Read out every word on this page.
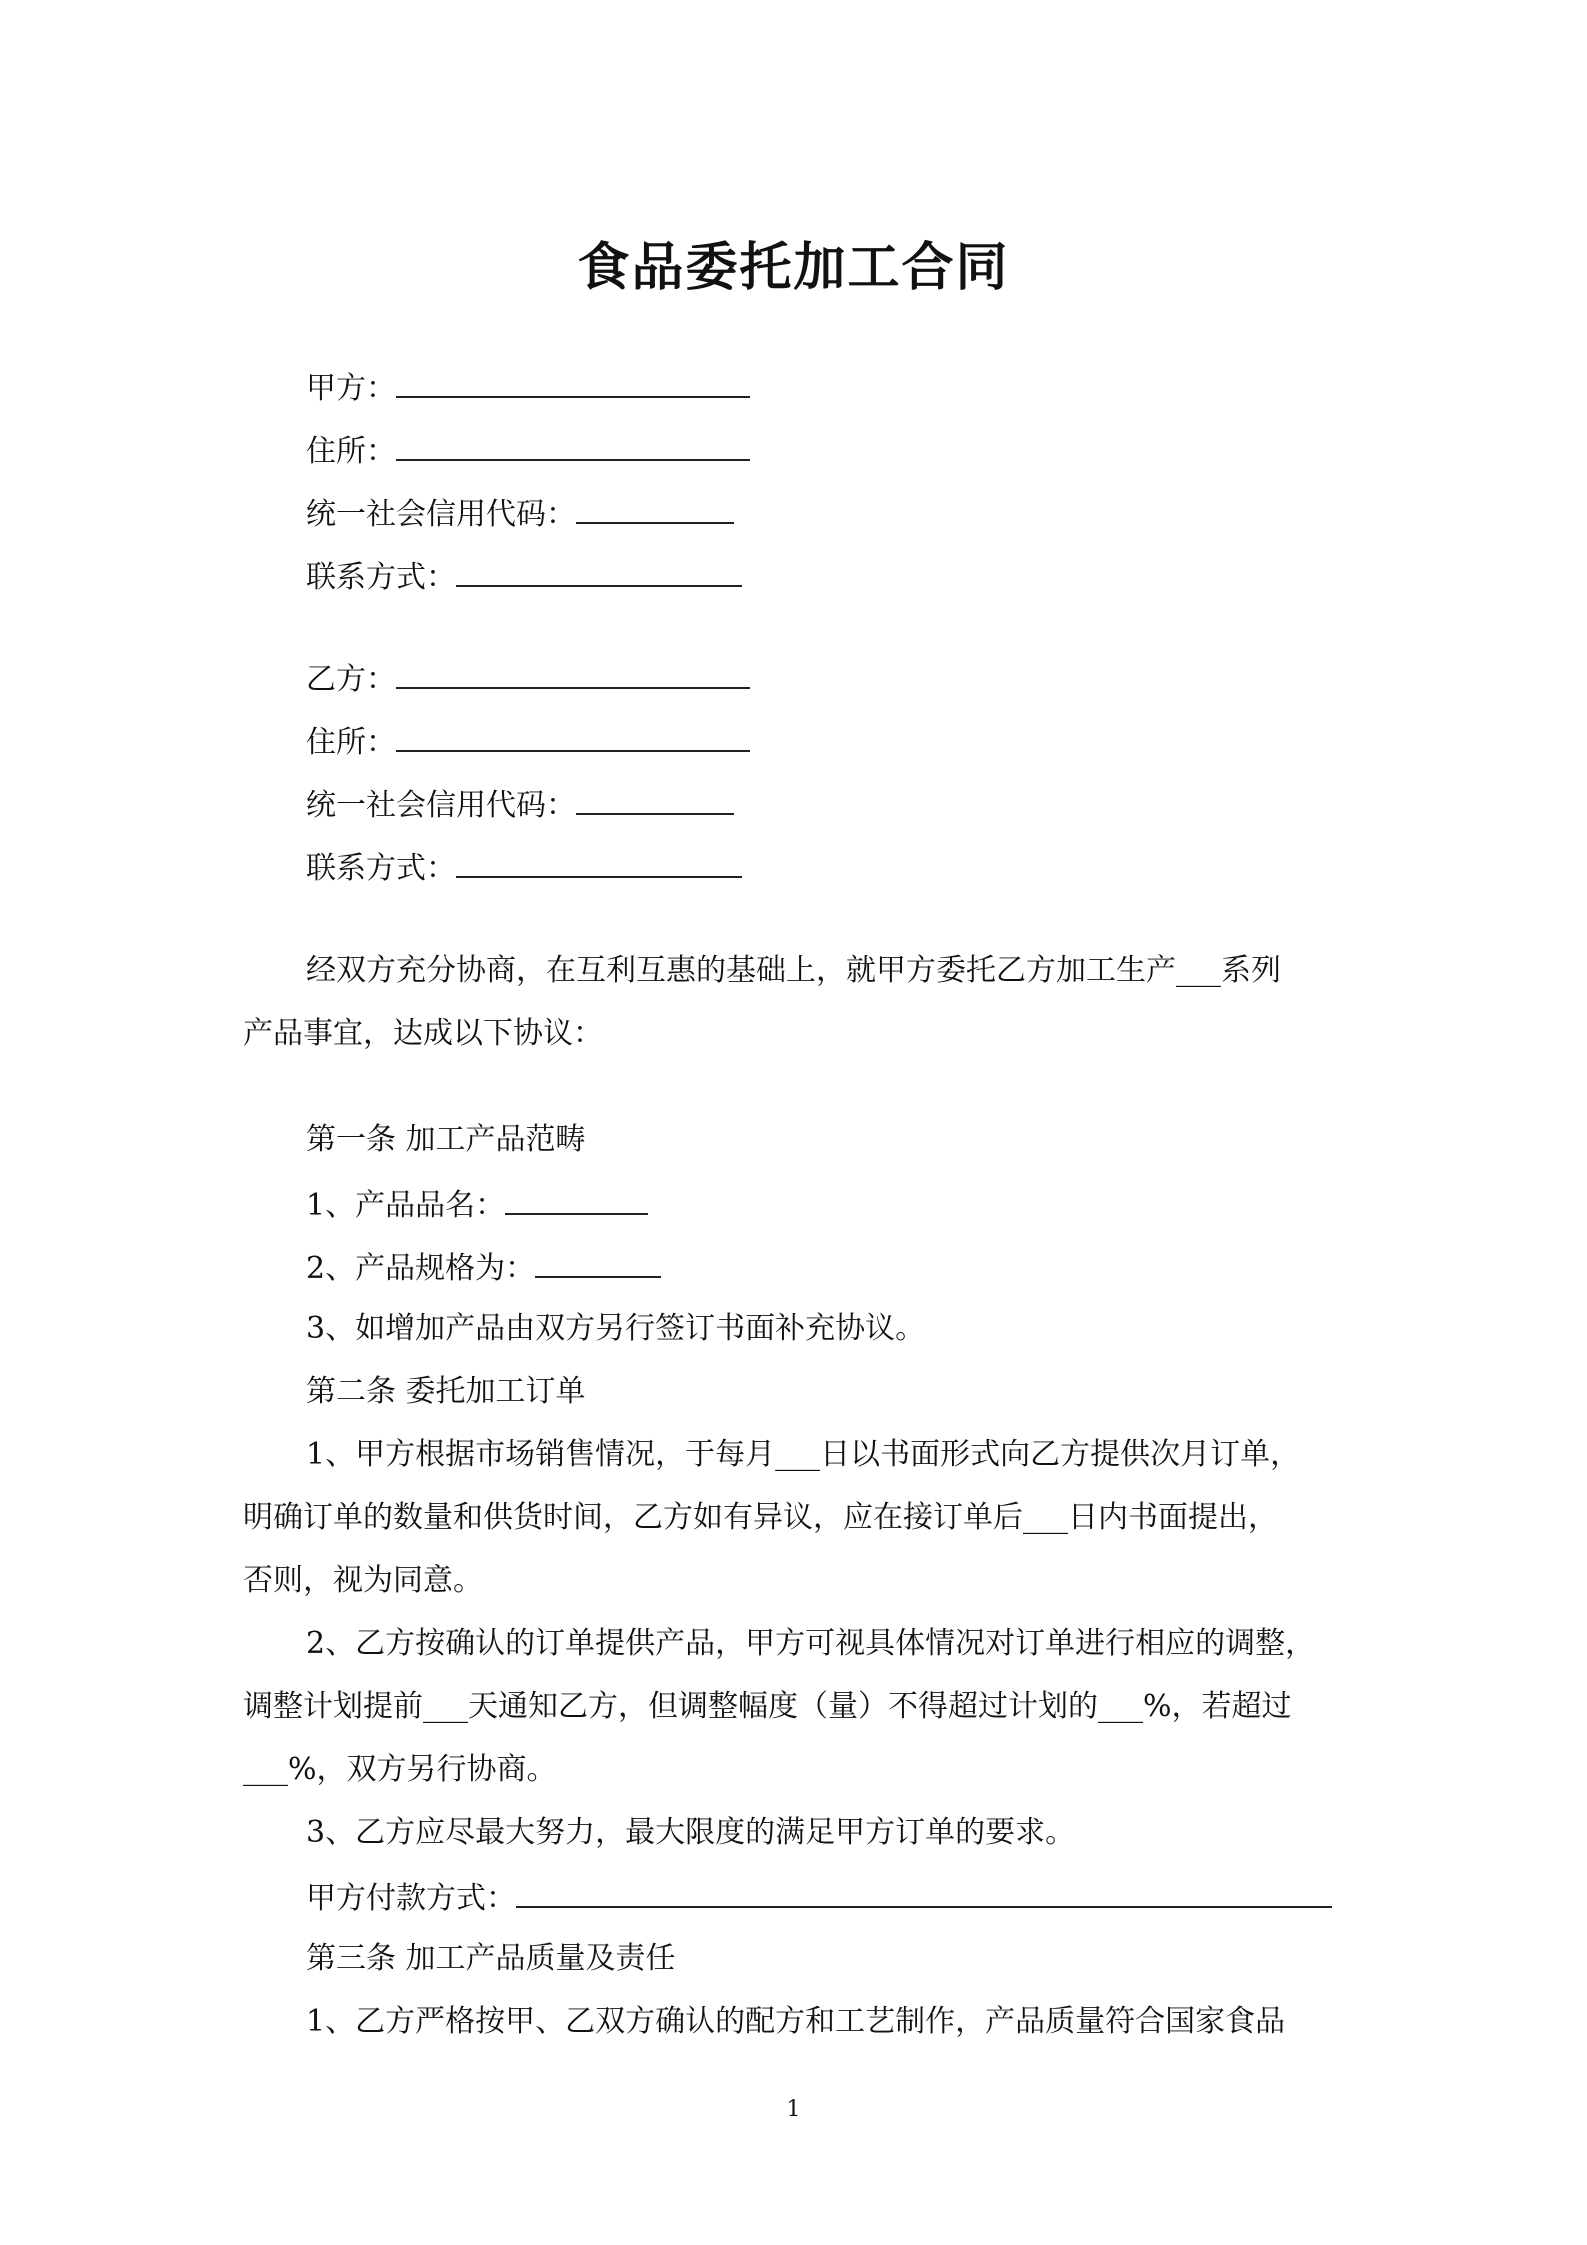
食品委托加工合同
甲方：
住所：
统一社会信用代码：
联系方式：
乙方：
住所：
统一社会信用代码：
联系方式：
经双方充分协商，在互利互惠的基础上，就甲方委托乙方加工生产___系列
产品事宜，达成以下协议：
第一条 加工产品范畴
1、产品品名：
2、产品规格为：
3、如增加产品由双方另行签订书面补充协议。
第二条 委托加工订单
1、甲方根据市场销售情况，于每月___日以书面形式向乙方提供次月订单，
明确订单的数量和供货时间，乙方如有异议，应在接订单后___日内书面提出，
否则，视为同意。
2、乙方按确认的订单提供产品，甲方可视具体情况对订单进行相应的调整，
调整计划提前___天通知乙方，但调整幅度（量）不得超过计划的___%，若超过
___%，双方另行协商。
3、乙方应尽最大努力，最大限度的满足甲方订单的要求。
甲方付款方式：
第三条 加工产品质量及责任
1、乙方严格按甲、乙双方确认的配方和工艺制作，产品质量符合国家食品
1
